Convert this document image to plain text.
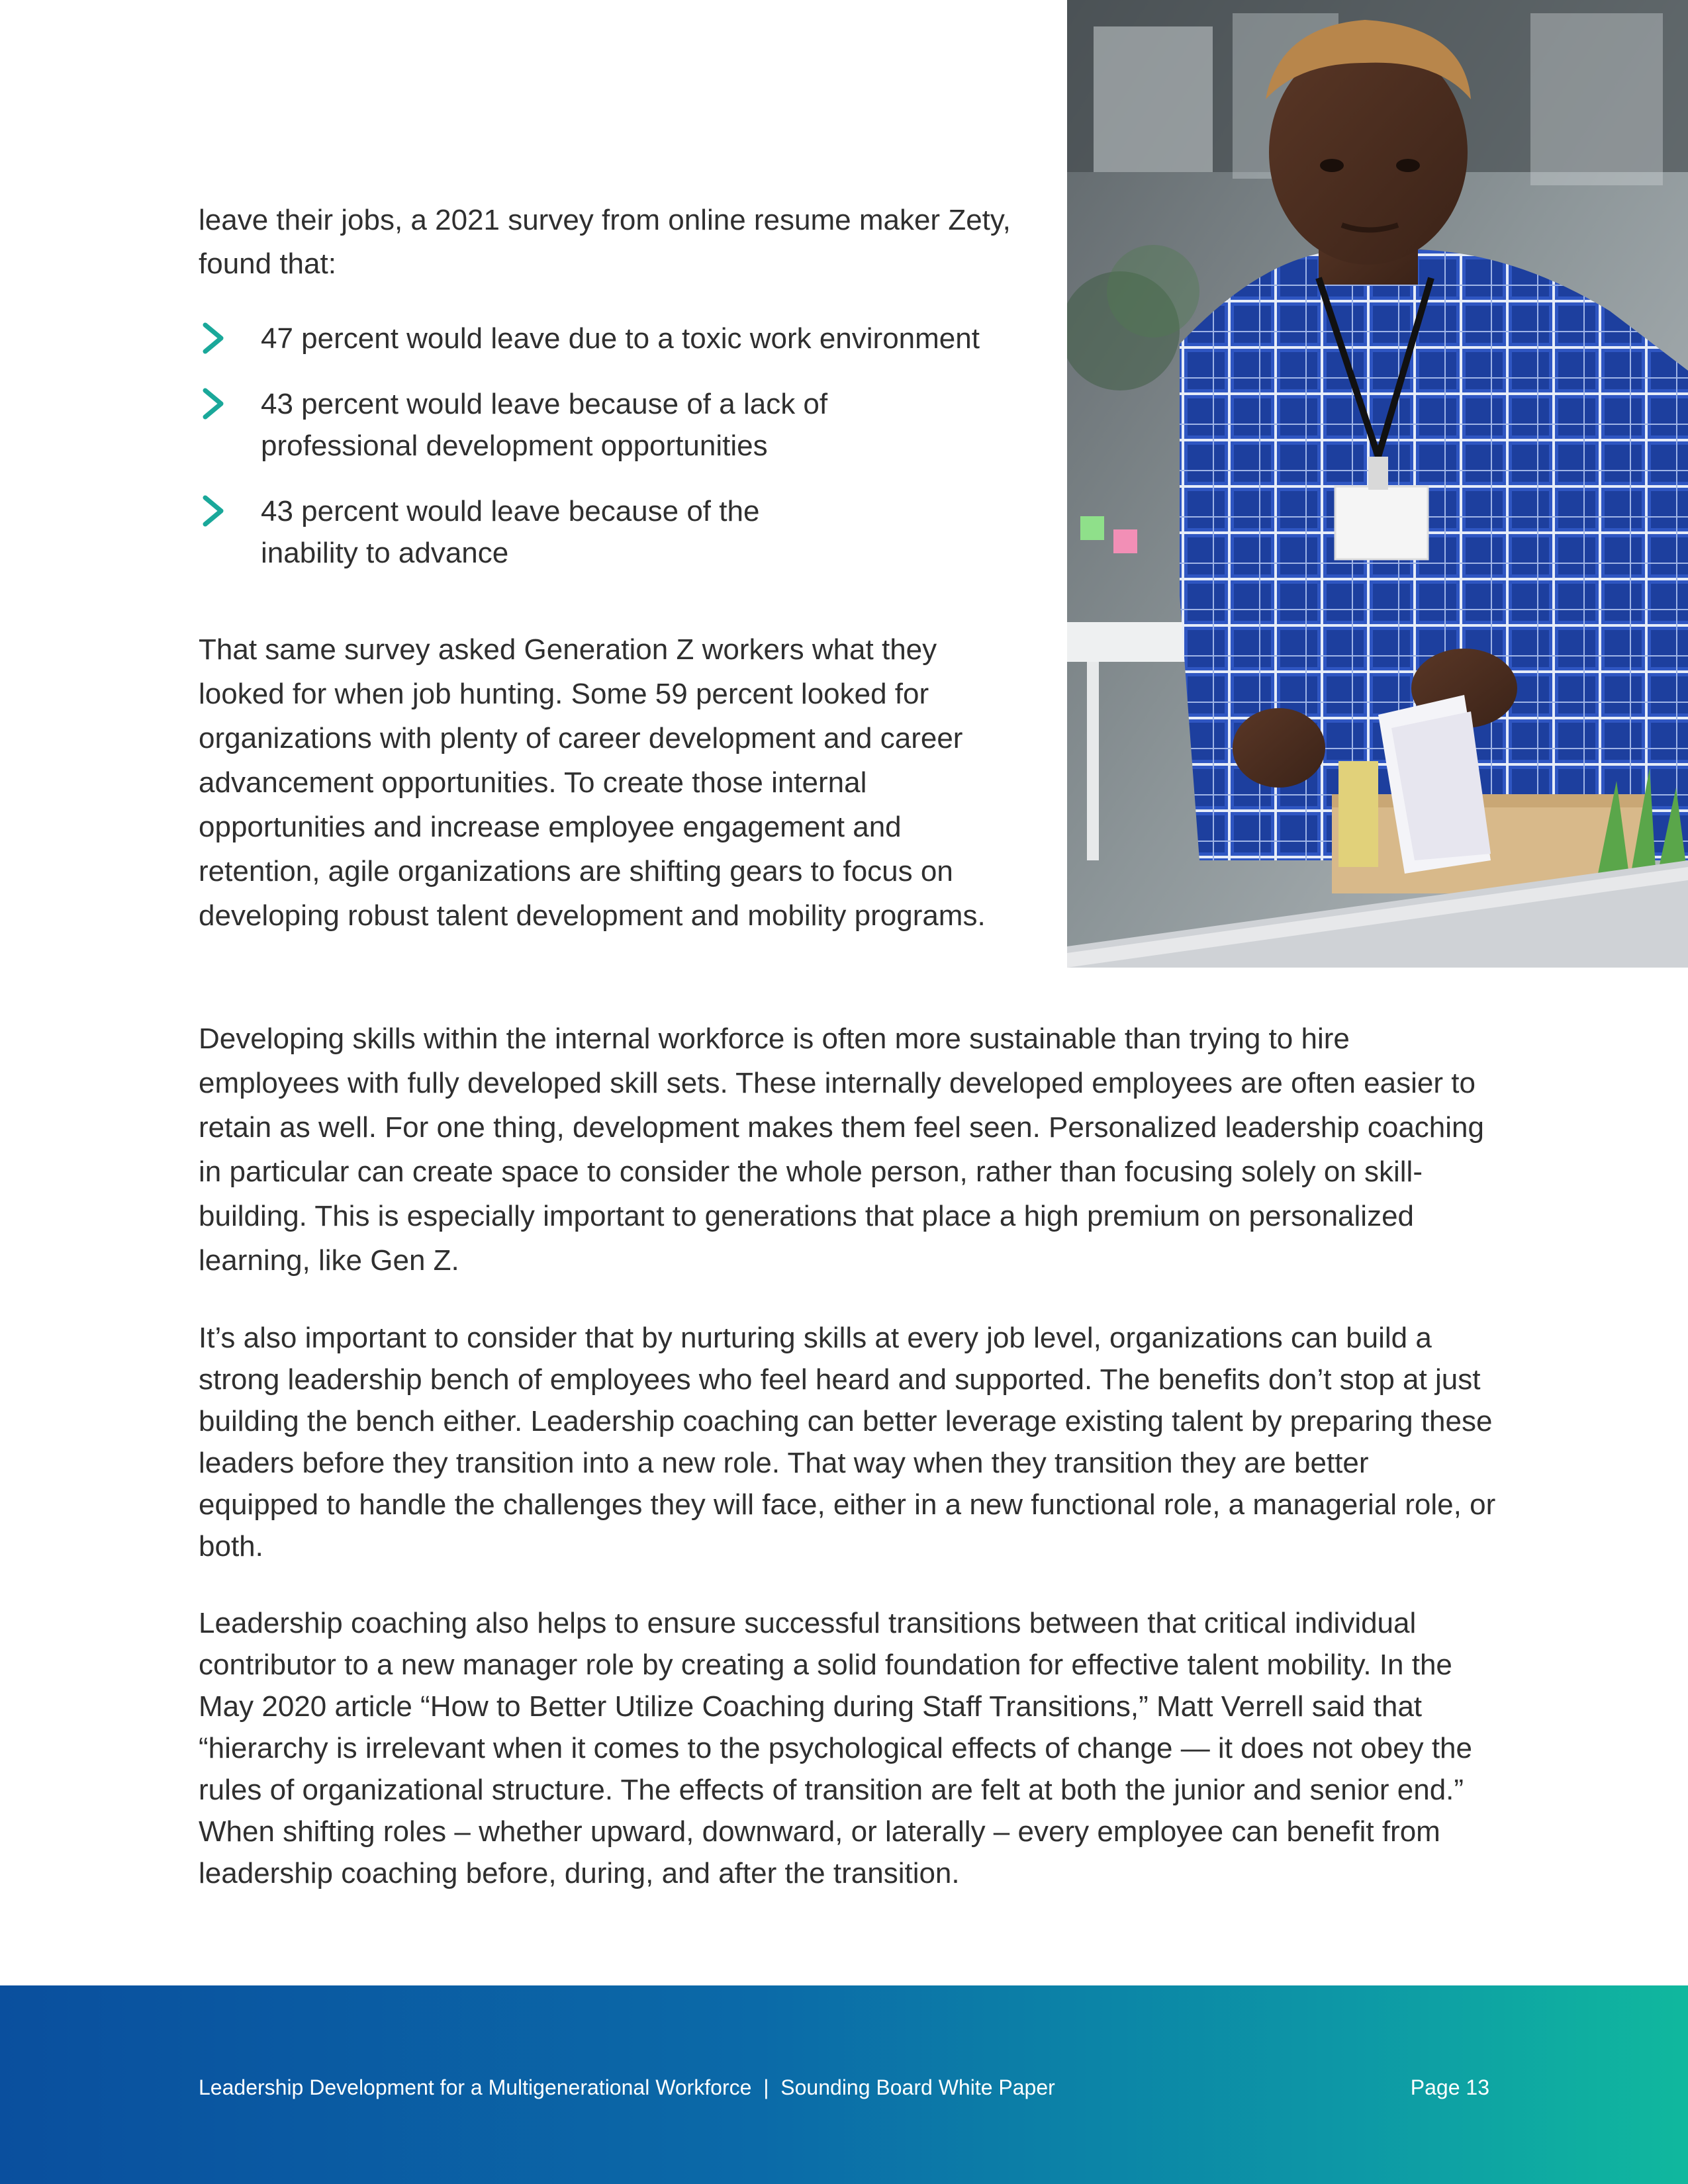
leave their jobs, a 2021 survey from online resume maker Zety, found that:
47 percent would leave due to a toxic work environment
43 percent would leave because of a lack of
professional development opportunities
43 percent would leave because of the
inability to advance
That same survey asked Generation Z workers what they looked for when job hunting. Some 59 percent looked for organizations with plenty of career development and career advancement opportunities. To create those internal opportunities and increase employee engagement and retention, agile organizations are shifting gears to focus on developing robust talent development and mobility programs.
Developing skills within the internal workforce is often more sustainable than trying to hire employees with fully developed skill sets. These internally developed employees are often easier to retain as well. For one thing, development makes them feel seen. Personalized leadership coaching in particular can create space to consider the whole person, rather than focusing solely on skill-building. This is especially important to generations that place a high premium on personalized learning, like Gen Z.
It’s also important to consider that by nurturing skills at every job level, organizations can build a strong leadership bench of employees who feel heard and supported. The benefits don’t stop at just building the bench either. Leadership coaching can better leverage existing talent by preparing these leaders before they transition into a new role. That way when they transition they are better equipped to handle the challenges they will face, either in a new functional role, a managerial role, or both.
Leadership coaching also helps to ensure successful transitions between that critical individual contributor to a new manager role by creating a solid foundation for effective talent mobility. In the May 2020 article “How to Better Utilize Coaching during Staff Transitions,” Matt Verrell said that “hierarchy is irrelevant when it comes to the psychological effects of change — it does not obey the rules of organizational structure. The effects of transition are felt at both the junior and senior end.” When shifting roles – whether upward, downward, or laterally – every employee can benefit from leadership coaching before, during, and after the transition.
Leadership Development for a Multigenerational Workforce  |  Sounding Board White Paper	Page 13
